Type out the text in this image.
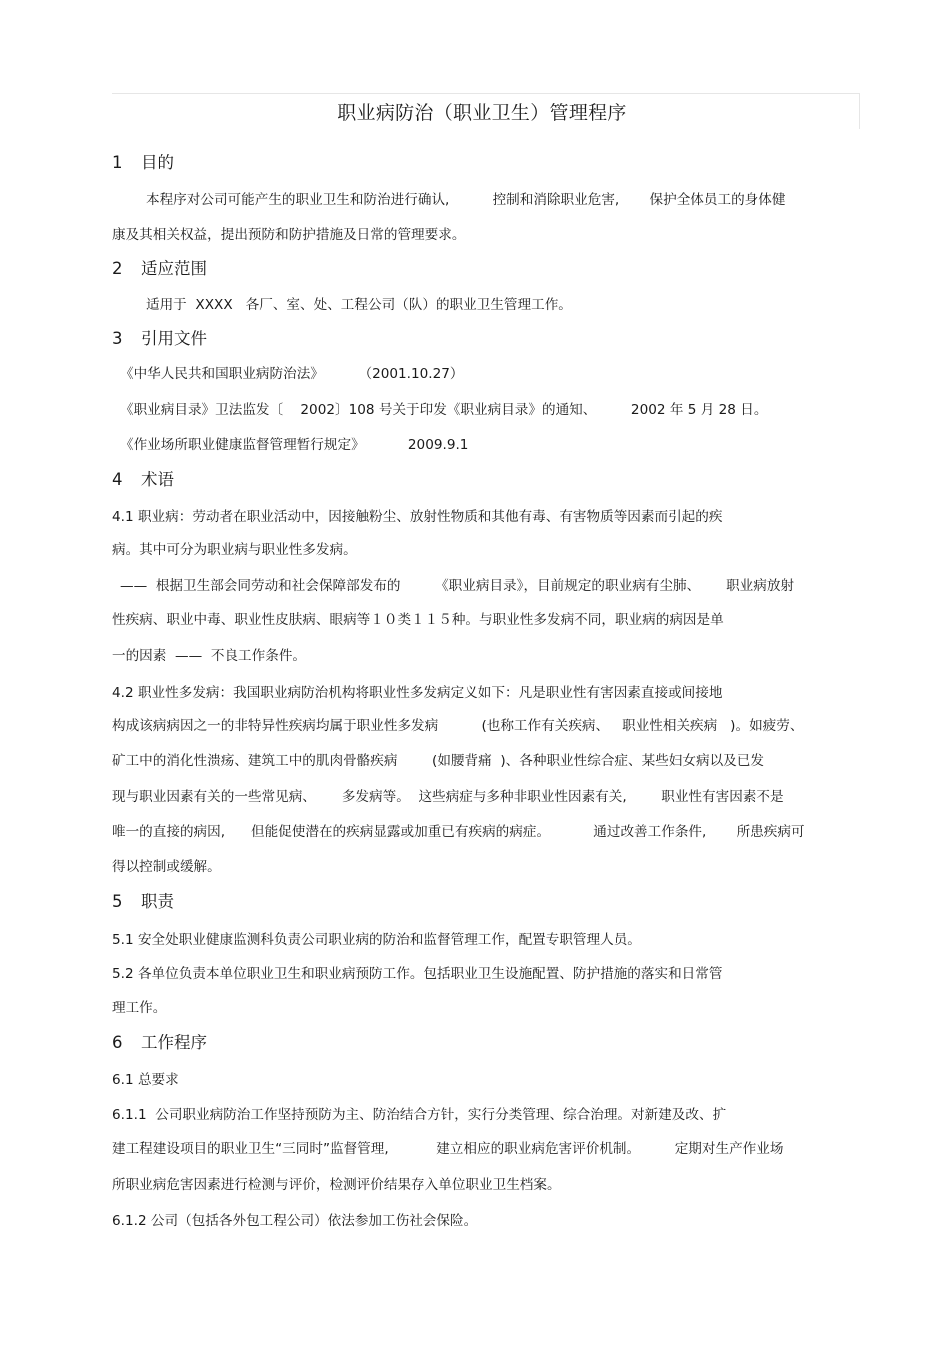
职业病防治（职业卫生）管理程序
1 目的
本程序对公司可能产生的职业卫生和防治进行确认,          控制和消除职业危害,       保护全体员工的身体健
康及其相关权益，提出预防和防护措施及日常的管理要求。
2 适应范围
适用于  XXXX   各厂、室、处、工程公司（队）的职业卫生管理工作。
3 引用文件
《中华人民共和国职业病防治法》        （2001.10.27）
《职业病目录》卫法监发〔    2002〕108 号关于印发《职业病目录》的通知、        2002 年 5 月 28 日。
《作业场所职业健康监督管理暂行规定》          2009.9.1
4 术语
4.1 职业病：劳动者在职业活动中，因接触粉尘、放射性物质和其他有毒、有害物质等因素而引起的疾
病。其中可分为职业病与职业性多发病。
——  根据卫生部会同劳动和社会保障部发布的        《职业病目录》，目前规定的职业病有尘肺、      职业病放射
性疾病、职业中毒、职业性皮肤病、眼病等１０类１１５种。与职业性多发病不同，职业病的病因是单
一的因素  ——  不良工作条件。
4.2 职业性多发病：我国职业病防治机构将职业性多发病定义如下：凡是职业性有害因素直接或间接地
构成该病病因之一的非特异性疾病均属于职业性多发病          (也称工作有关疾病、   职业性相关疾病   )。如疲劳、
矿工中的消化性溃疡、建筑工中的肌肉骨骼疾病        (如腰背痛  )、各种职业性综合症、某些妇女病以及已发
现与职业因素有关的一些常见病、      多发病等。  这些病症与多种非职业性因素有关,        职业性有害因素不是
唯一的直接的病因,      但能促使潜在的疾病显露或加重已有疾病的病症。          通过改善工作条件,       所患疾病可
得以控制或缓解。
5 职责
5.1 安全处职业健康监测科负责公司职业病的防治和监督管理工作，配置专职管理人员。
5.2 各单位负责本单位职业卫生和职业病预防工作。包括职业卫生设施配置、防护措施的落实和日常管
理工作。
6 工作程序
6.1 总要求
6.1.1  公司职业病防治工作坚持预防为主、防治结合方针，实行分类管理、综合治理。对新建及改、扩
建工程建设项目的职业卫生“三同时”监督管理,           建立相应的职业病危害评价机制。        定期对生产作业场
所职业病危害因素进行检测与评价，检测评价结果存入单位职业卫生档案。
6.1.2 公司（包括各外包工程公司）依法参加工伤社会保险。
